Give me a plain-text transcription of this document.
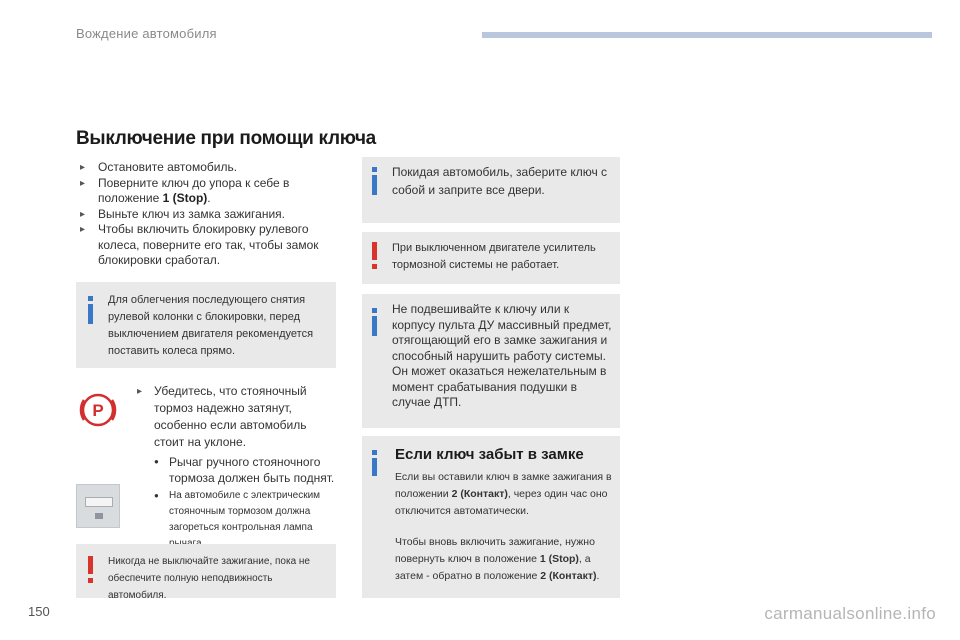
Вождение автомобиля
Выключение при помощи ключа
▸ Остановите автомобиль.
▸ Поверните ключ до упора к себе в положение 1 (Stop).
▸ Выньте ключ из замка зажигания.
▸ Чтобы включить блокировку рулевого колеса, поверните его так, чтобы замок блокировки сработал.
Для облегчения последующего снятия рулевой колонки с блокировки, перед выключением двигателя рекомендуется поставить колеса прямо.
P
▸ Убедитесь, что стояночный тормоз надежно затянут, особенно если автомобиль стоит на уклоне.
● Рычаг ручного стояночного тормоза должен быть поднят.
● На автомобиле с электрическим стояночным тормозом должна загореться контрольная лампа
Никогда не выключайте зажигание, пока не обеспечите полную неподвижность автомобиля.
Покидая автомобиль, заберите ключ с собой и заприте все двери.
При выключенном двигателе усилитель тормозной системы не работает.
Не подвешивайте к ключу или к корпусу пульта ДУ массивный предмет, отягощающий его в замке зажигания и способный нарушить работу системы. Он может оказаться нежелательным в момент срабатывания подушки в случае ДТП.
Если ключ забыт в замке
Если вы оставили ключ в замке зажигания в положении 2 (Контакт), через один час оно отключится автоматически.
Чтобы вновь включить зажигание, нужно повернуть ключ в положение 1 (Stop), а затем - обратно в положение 2 (Контакт).
150	carmanualsonline.info
